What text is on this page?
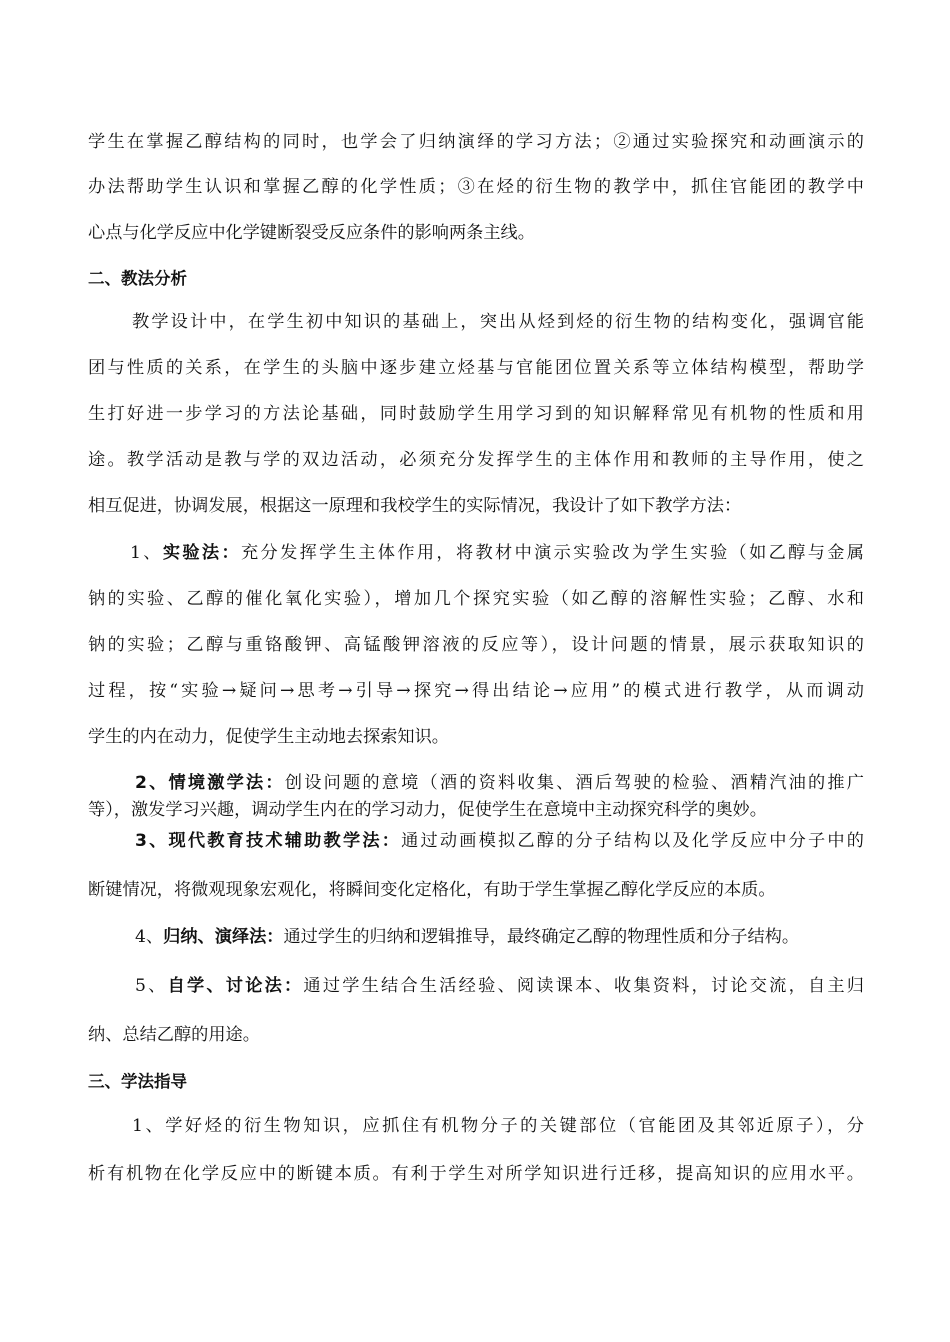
学生在掌握乙醇结构的同时，也学会了归纳演绎的学习方法；②通过实验探究和动画演示的
办法帮助学生认识和掌握乙醇的化学性质；③在烃的衍生物的教学中，抓住官能团的教学中
心点与化学反应中化学键断裂受反应条件的影响两条主线。
二、教法分析
教学设计中，在学生初中知识的基础上，突出从烃到烃的衍生物的结构变化，强调官能
团与性质的关系，在学生的头脑中逐步建立烃基与官能团位置关系等立体结构模型，帮助学
生打好进一步学习的方法论基础，同时鼓励学生用学习到的知识解释常见有机物的性质和用
途。教学活动是教与学的双边活动，必须充分发挥学生的主体作用和教师的主导作用，使之
相互促进，协调发展，根据这一原理和我校学生的实际情况，我设计了如下教学方法：
1、实验法：充分发挥学生主体作用，将教材中演示实验改为学生实验（如乙醇与金属
钠的实验、乙醇的催化氧化实验），增加几个探究实验（如乙醇的溶解性实验；乙醇、水和
钠的实验；乙醇与重铬酸钾、高锰酸钾溶液的反应等），设计问题的情景，展示获取知识的
过程，按“实验→疑问→思考→引导→探究→得出结论→应用”的模式进行教学，从而调动
学生的内在动力，促使学生主动地去探索知识。
2、情境激学法：创设问题的意境（酒的资料收集、酒后驾驶的检验、酒精汽油的推广
等），激发学习兴趣，调动学生内在的学习动力，促使学生在意境中主动探究科学的奥妙。
3、现代教育技术辅助教学法：通过动画模拟乙醇的分子结构以及化学反应中分子中的
断键情况，将微观现象宏观化，将瞬间变化定格化，有助于学生掌握乙醇化学反应的本质。
4、归纳、演绎法：通过学生的归纳和逻辑推导，最终确定乙醇的物理性质和分子结构。
5、自学、讨论法：通过学生结合生活经验、阅读课本、收集资料，讨论交流，自主归
纳、总结乙醇的用途。
三、学法指导
1、学好烃的衍生物知识，应抓住有机物分子的关键部位（官能团及其邻近原子），分
析有机物在化学反应中的断键本质。有利于学生对所学知识进行迁移，提高知识的应用水平。
